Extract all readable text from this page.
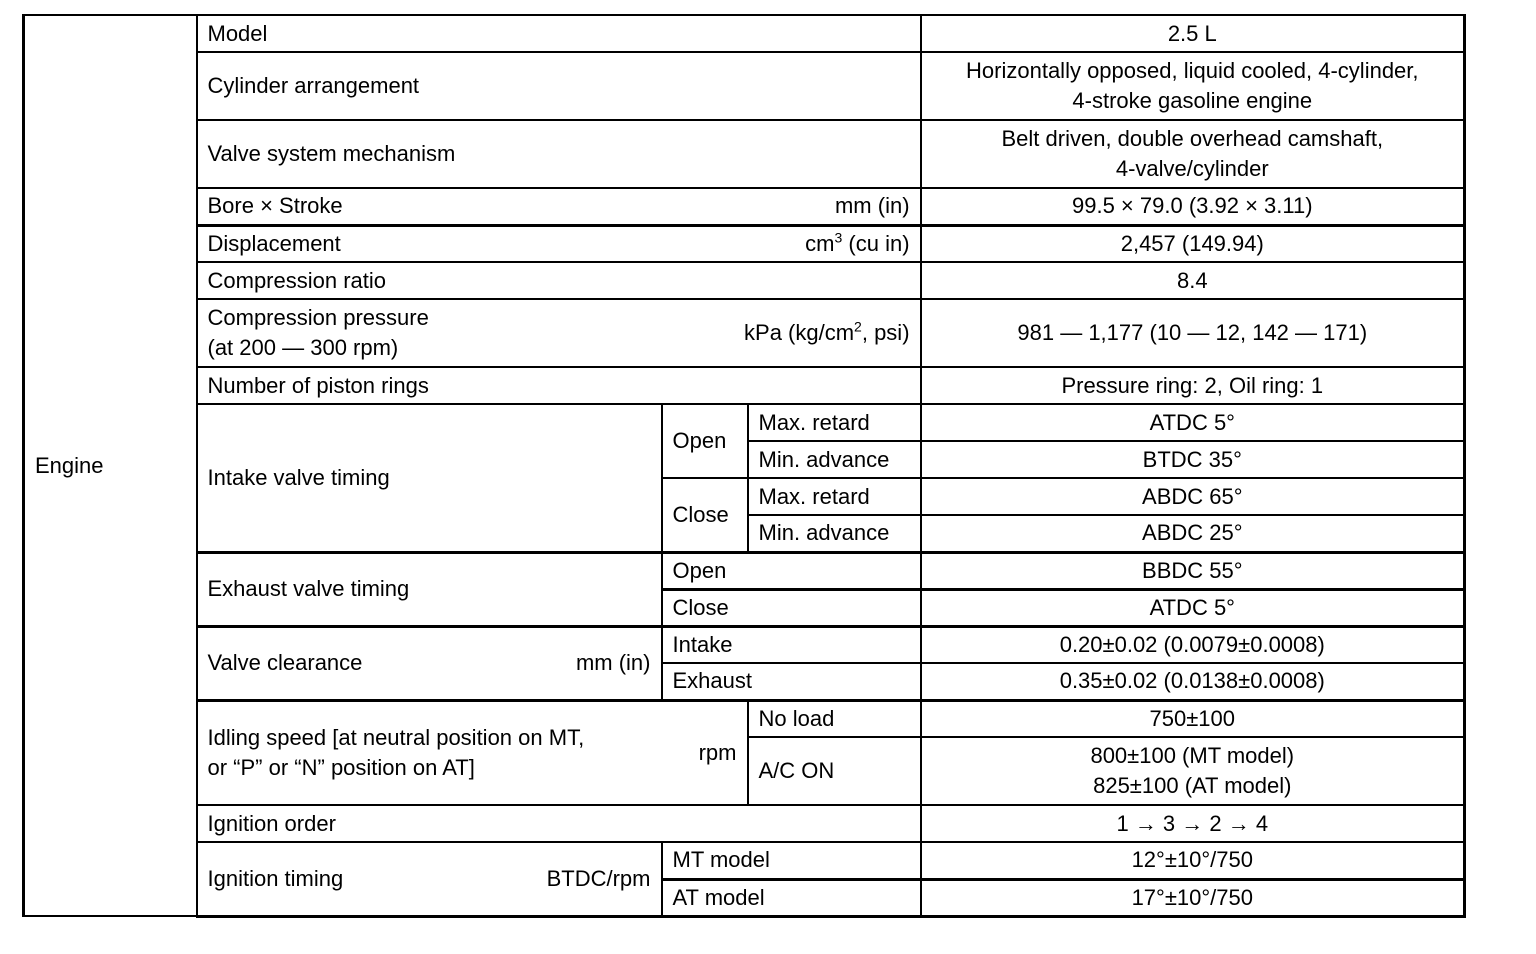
Engine	Model			2.5 L
	Cylinder arrangement			Horizontally opposed, liquid cooled, 4-cylinder,
4-stroke gasoline engine

	Valve system mechanism			Belt driven, double overhead camshaft,
4-valve/cylinder

	Bore × Stroke mm (in)			99.5 × 79.0 (3.92 × 3.11)

	Displacement $cm^3$ (cu in)			2,457 (149.94)
	Compression ratio			8.4

	Compression pressure
(at 200 — 300 rpm)
kPa ($kg/cm^2$, psi)			981 — 1,177 (10 — 12, 142 — 171)
	Number of piston rings			Pressure ring: 2, Oil ring: 1
	Intake valve timing	Open	Max. retard	ATDC 5°
			Min. advance	BTDC 35°
		Close	Max. retard	ABDC 65°
			Min. advance	ABDC 25°
	Exhaust valve timing	Open		BBDC 55°
		Close		ATDC 5°

	Valve clearance mm (in)	Intake		0.20±0.02 (0.0079±0.0008)
		Exhaust		0.35±0.02 (0.0138±0.0008)

	Idling speed [at neutral position on MT,
or “P” or “N” position on AT]
rpm		No load	750±100
			A/C ON	800±100 (MT model)
825±100 (AT model)

	Ignition order			1 → 3 → 2 → 4

	Ignition timing BTDC/rpm	MT model		12°±10°/750
		AT model		17°±10°/750
